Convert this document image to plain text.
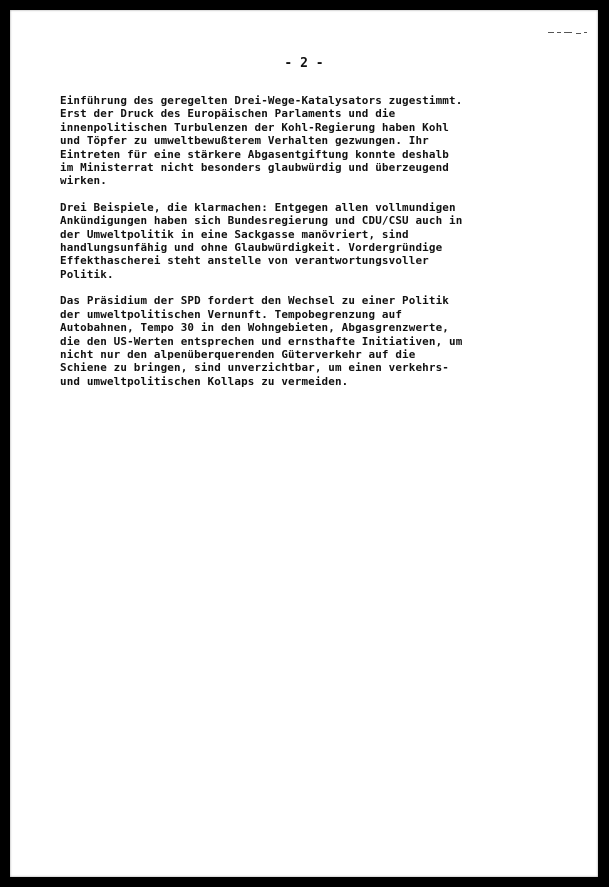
- 2 -
Einführung des geregelten Drei-Wege-Katalysators zugestimmt.
Erst der Druck des Europäischen Parlaments und die
innenpolitischen Turbulenzen der Kohl-Regierung haben Kohl
und Töpfer zu umweltbewußterem Verhalten gezwungen. Ihr
Eintreten für eine stärkere Abgasentgiftung konnte deshalb
im Ministerrat nicht besonders glaubwürdig und überzeugend
wirken.
Drei Beispiele, die klarmachen: Entgegen allen vollmundigen
Ankündigungen haben sich Bundesregierung und CDU/CSU auch in
der Umweltpolitik in eine Sackgasse manövriert, sind
handlungsunfähig und ohne Glaubwürdigkeit. Vordergründige
Effekthascherei steht anstelle von verantwortungsvoller
Politik.
Das Präsidium der SPD fordert den Wechsel zu einer Politik
der umweltpolitischen Vernunft. Tempobegrenzung auf
Autobahnen, Tempo 30 in den Wohngebieten, Abgasgrenzwerte,
die den US-Werten entsprechen und ernsthafte Initiativen, um
nicht nur den alpenüberquerenden Güterverkehr auf die
Schiene zu bringen, sind unverzichtbar, um einen verkehrs-
und umweltpolitischen Kollaps zu vermeiden.
